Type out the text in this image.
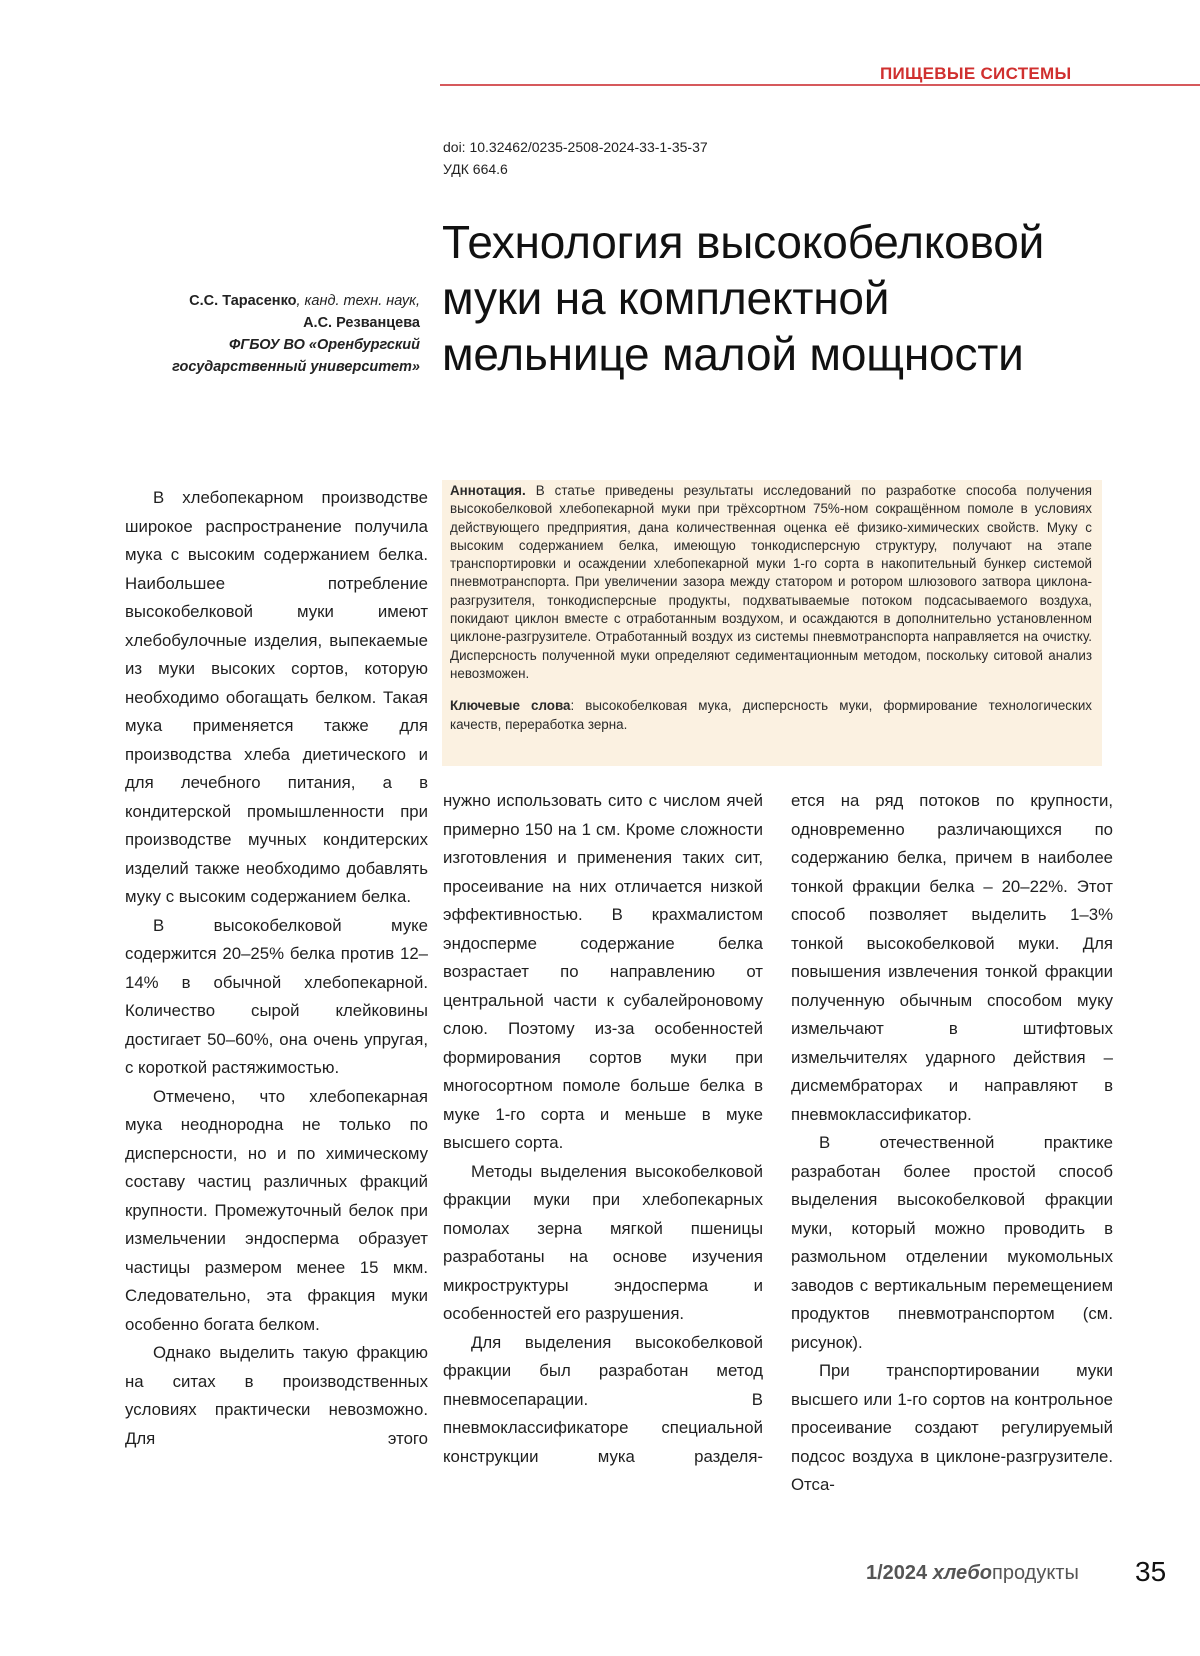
ПИЩЕВЫЕ СИСТЕМЫ
doi: 10.32462/0235-2508-2024-33-1-35-37
УДК 664.6
Технология высокобелковой
муки на комплектной
мельнице малой мощности
С.С. Тарасенко, канд. техн. наук,
А.С. Резванцева
ФГБОУ ВО «Оренбургский
государственный университет»
Аннотация. В статье приведены результаты исследований по разработке способа получения высокобелковой хлебопекарной муки при трёхсортном 75%-ном сокращённом помоле в условиях действующего предприятия, дана количественная оценка её физико-химических свойств. Муку с высоким содержанием белка, имеющую тонкодисперсную структуру, получают на этапе транспортировки и осаждении хлебопекарной муки 1-го сорта в накопительный бункер системой пневмотранспорта. При увеличении зазора между статором и ротором шлюзового затвора циклона-разгрузителя, тонкодисперсные продукты, подхватываемые потоком подсасываемого воздуха, покидают циклон вместе с отработанным воздухом, и осаждаются в дополнительно установленном циклоне-разгрузителе. Отработанный воздух из системы пневмотранспорта направляется на очистку. Дисперсность полученной муки определяют седиментационным методом, поскольку ситовой анализ невозможен.
Ключевые слова: высокобелковая мука, дисперсность муки, формирование технологических качеств, переработка зерна.

В хлебопекарном производстве широкое распространение получила мука с высоким содержанием белка. Наибольшее потребление высокобелковой муки имеют хлебобулочные изделия, выпекаемые из муки высоких сортов, которую необходимо обогащать белком. Такая мука применяется также для производства хлеба диетического и для лечебного питания, а в кондитерской промышленности при производстве мучных кондитерских изделий также необходимо добавлять муку с высоким содержанием белка.

В высокобелковой муке содержится 20–25% белка против 12–14% в обычной хлебопекарной. Количество сырой клейковины достигает 50–60%, она очень упругая, с короткой растяжимостью.

Отмечено, что хлебопекарная мука неоднородна не только по дисперсности, но и по химическому составу частиц различных фракций крупности. Промежуточный белок при измельчении эндосперма образует частицы размером менее 15 мкм. Следовательно, эта фракция муки особенно богата белком.

Однако выделить такую фракцию на ситах в производственных условиях практически невозможно. Для этого

нужно использовать сито с числом ячей примерно 150 на 1 см. Кроме сложности изготовления и применения таких сит, просеивание на них отличается низкой эффективностью. В крахмалистом эндосперме содержание белка возрастает по направлению от центральной части к субалейроновому слою. Поэтому из-за особенностей формирования сортов муки при многосортном помоле больше белка в муке 1-го сорта и меньше в муке высшего сорта.

Методы выделения высокобелковой фракции муки при хлебопекарных помолах зерна мягкой пшеницы разработаны на основе изучения микроструктуры эндосперма и особенностей его разрушения.

Для выделения высокобелковой фракции был разработан метод пневмосепарации. В пневмоклассификаторе специальной конструкции мука разделя-

ется на ряд потоков по крупности, одновременно различающихся по содержанию белка, причем в наиболее тонкой фракции белка – 20–22%. Этот способ позволяет выделить 1–3% тонкой высокобелковой муки. Для повышения извлечения тонкой фракции полученную обычным способом муку измельчают в штифтовых измельчителях ударного действия – дисмембраторах и направляют в пневмоклассификатор.

В отечественной практике разработан более простой способ выделения высокобелковой фракции муки, который можно проводить в размольном отделении мукомольных заводов с вертикальным перемещением продуктов пневмотранспортом (см. рисунок).

При транспортировании муки высшего или 1-го сортов на контрольное просеивание создают регулируемый подсос воздуха в циклоне-разгрузителе. Отса-

1/2024 хлебопродукты 35
